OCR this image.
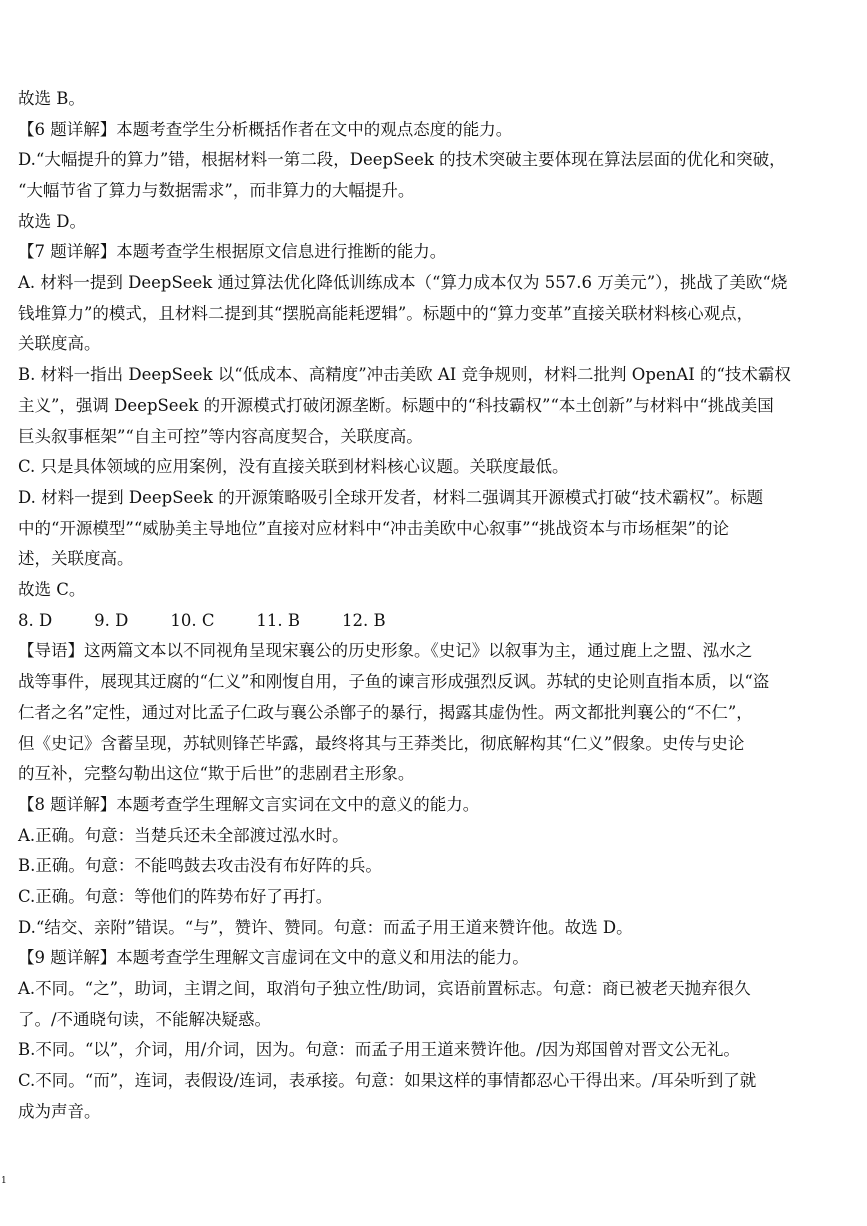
故选 B。
【6 题详解】本题考查学生分析概括作者在文中的观点态度的能力。
D.“大幅提升的算力”错，根据材料一第二段，DeepSeek 的技术突破主要体现在算法层面的优化和突破，
“大幅节省了算力与数据需求”，而非算力的大幅提升。
故选 D。
【7 题详解】本题考查学生根据原文信息进行推断的能力。
A. 材料一提到 DeepSeek 通过算法优化降低训练成本（“算力成本仅为 557.6 万美元”），挑战了美欧“烧
钱堆算力”的模式，且材料二提到其“摆脱高能耗逻辑”。标题中的“算力变革”直接关联材料核心观点，
关联度高。
B. 材料一指出 DeepSeek 以“低成本、高精度”冲击美欧 AI 竞争规则，材料二批判 OpenAI 的“技术霸权
主义”，强调 DeepSeek 的开源模式打破闭源垄断。标题中的“科技霸权”“本土创新”与材料中“挑战美国
巨头叙事框架”“自主可控”等内容高度契合，关联度高。
C. 只是具体领域的应用案例，没有直接关联到材料核心议题。关联度最低。
D. 材料一提到 DeepSeek 的开源策略吸引全球开发者，材料二强调其开源模式打破“技术霸权”。标题
中的“开源模型”“威胁美主导地位”直接对应材料中“冲击美欧中心叙事”“挑战资本与市场框架”的论
述，关联度高。
故选 C。
8. D        9. D        10. C        11. B        12. B
【导语】这两篇文本以不同视角呈现宋襄公的历史形象。《史记》以叙事为主，通过鹿上之盟、泓水之
战等事件，展现其迂腐的“仁义”和刚愎自用，子鱼的谏言形成强烈反讽。苏轼的史论则直指本质，以“盗
仁者之名”定性，通过对比孟子仁政与襄公杀鄫子的暴行，揭露其虚伪性。两文都批判襄公的“不仁”，
但《史记》含蓄呈现，苏轼则锋芒毕露，最终将其与王莽类比，彻底解构其“仁义”假象。史传与史论
的互补，完整勾勒出这位“欺于后世”的悲剧君主形象。
【8 题详解】本题考查学生理解文言实词在文中的意义的能力。
A.正确。句意：当楚兵还未全部渡过泓水时。
B.正确。句意：不能鸣鼓去攻击没有布好阵的兵。
C.正确。句意：等他们的阵势布好了再打。
D.“结交、亲附”错误。“与”，赞许、赞同。句意：而孟子用王道来赞许他。故选 D。
【9 题详解】本题考查学生理解文言虚词在文中的意义和用法的能力。
A.不同。“之”，助词，主谓之间，取消句子独立性/助词，宾语前置标志。句意：商已被老天抛弃很久
了。/不通晓句读，不能解决疑惑。
B.不同。“以”，介词，用/介词，因为。句意：而孟子用王道来赞许他。/因为郑国曾对晋文公无礼。
C.不同。“而”，连词，表假设/连词，表承接。句意：如果这样的事情都忍心干得出来。/耳朵听到了就
成为声音。
1
